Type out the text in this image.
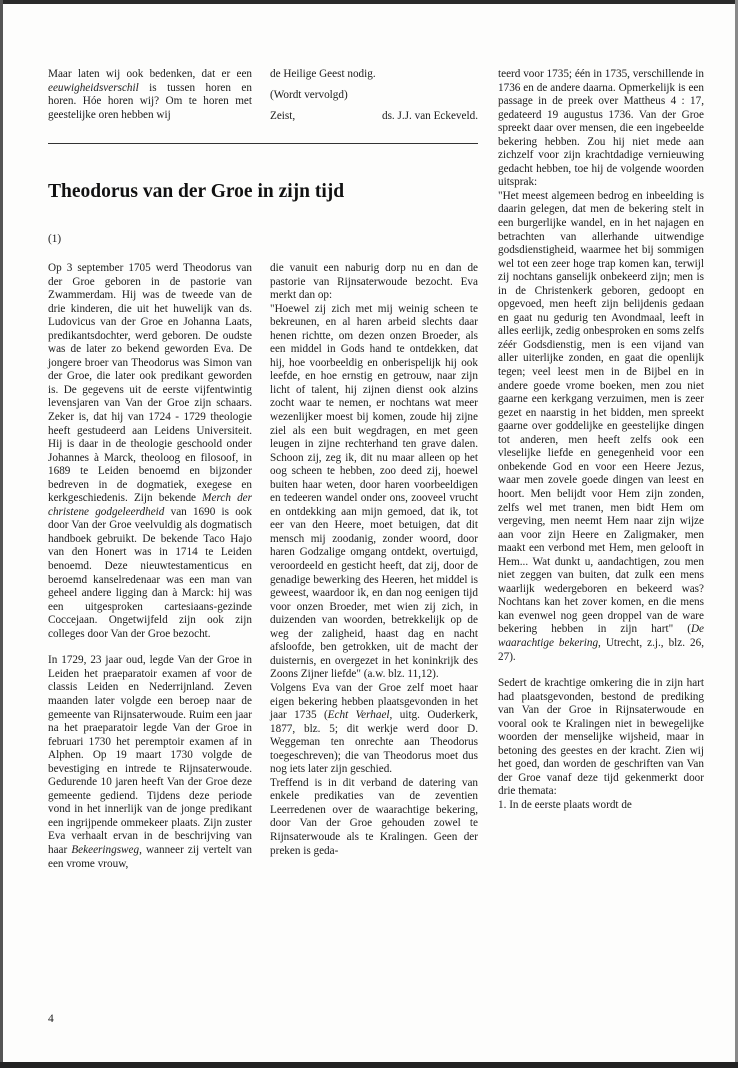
Maar laten wij ook bedenken, dat er een eeuwigheidsverschil is tussen horen en horen. Hóe horen wij? Om te horen met geestelijke oren hebben wij

de Heilige Geest nodig.

(Wordt vervolgd)

Zeist,	ds. J.J. van Eckeveld.
Theodorus van der Groe in zijn tijd
(1)

Op 3 september 1705 werd Theodorus van der Groe geboren in de pastorie van Zwammerdam. Hij was de tweede van de drie kinderen, die uit het huwelijk van ds. Ludovicus van der Groe en Johanna Laats, predikantsdochter, werd geboren. De oudste was de later zo bekend geworden Eva. De jongere broer van Theodorus was Simon van der Groe, die later ook predikant geworden is. De gegevens uit de eerste vijfentwintig levensjaren van Van der Groe zijn schaars. Zeker is, dat hij van 1724 - 1729 theologie heeft gestudeerd aan Leidens Universiteit. Hij is daar in de theologie geschoold onder Johannes à Marck, theoloog en filosoof, in 1689 te Leiden benoemd en bijzonder bedreven in de dogmatiek, exegese en kerkgeschiedenis. Zijn bekende Merch der christene godgeleerdheid van 1690 is ook door Van der Groe veelvuldig als dogmatisch handboek gebruikt. De bekende Taco Hajo van den Honert was in 1714 te Leiden benoemd. Deze nieuwtestamenticus en beroemd kanselredenaar was een man van geheel andere ligging dan à Marck: hij was een uitgesproken cartesiaans-gezinde Coccejaan. Ongetwijfeld zijn ook zijn colleges door Van der Groe bezocht.

In 1729, 23 jaar oud, legde Van der Groe in Leiden het praeparatoir examen af voor de classis Leiden en Nederrijnland. Zeven maanden later volgde een beroep naar de gemeente van Rijnsaterwoude. Ruim een jaar na het praeparatoir legde Van der Groe in februari 1730 het peremptoir examen af in Alphen. Op 19 maart 1730 volgde de bevestiging en intrede te Rijnsaterwoude. Gedurende 10 jaren heeft Van der Groe deze gemeente gediend. Tijdens deze periode vond in het innerlijk van de jonge predikant een ingrijpende ommekeer plaats. Zijn zuster Eva verhaalt ervan in de beschrijving van haar Bekeeringsweg, wanneer zij vertelt van een vrome vrouw,

die vanuit een naburig dorp nu en dan de pastorie van Rijnsaterwoude bezocht. Eva merkt dan op:

"Hoewel zij zich met mij weinig scheen te bekreunen, en al haren arbeid slechts daar henen richtte, om dezen onzen Broeder, als een middel in Gods hand te ontdekken, dat hij, hoe voorbeeldig en onberispelijk hij ook leefde, en hoe ernstig en getrouw, naar zijn licht of talent, hij zijnen dienst ook alzins zocht waar te nemen, er nochtans wat meer wezenlijker moest bij komen, zoude hij zijne ziel als een buit wegdragen, en met geen leugen in zijne rechterhand ten grave dalen. Schoon zij, zeg ik, dit nu maar alleen op het oog scheen te hebben, zoo deed zij, hoewel buiten haar weten, door haren voorbeeldigen en tedeeren wandel onder ons, zooveel vrucht en ontdekking aan mijn gemoed, dat ik, tot eer van den Heere, moet betuigen, dat dit mensch mij zoodanig, zonder woord, door haren Godzalige omgang ontdekt, overtuigd, veroordeeld en gesticht heeft, dat zij, door de genadige bewerking des Heeren, het middel is geweest, waardoor ik, en dan nog eenigen tijd voor onzen Broeder, met wien zij zich, in duizenden van woorden, betrekkelijk op de weg der zaligheid, haast dag en nacht afsloofde, ben getrokken, uit de macht der duisternis, en overgezet in het koninkrijk des Zoons Zijner liefde" (a.w. blz. 11,12).

Volgens Eva van der Groe zelf moet haar eigen bekering hebben plaatsgevonden in het jaar 1735 (Echt Verhael, uitg. Ouderkerk, 1877, blz. 5; dit werkje werd door D. Weggeman ten onrechte aan Theodorus toegeschreven); die van Theodorus moet dus nog iets later zijn geschied.

Treffend is in dit verband de datering van enkele predikaties van de zeventien Leerredenen over de waarachtige bekering, door Van der Groe gehouden zowel te Rijnsaterwoude als te Kralingen. Geen der preken is geda-

teerd voor 1735; één in 1735, verschillende in 1736 en de andere daarna. Opmerkelijk is een passage in de preek over Mattheus 4 : 17, gedateerd 19 augustus 1736. Van der Groe spreekt daar over mensen, die een ingebeelde bekering hebben. Zou hij niet mede aan zichzelf voor zijn krachtdadige vernieuwing gedacht hebben, toe hij de volgende woorden uitsprak:

"Het meest algemeen bedrog en inbeelding is daarin gelegen, dat men de bekering stelt in een burgerlijke wandel, en in het najagen en betrachten van allerhande uitwendige godsdienstigheid, waarmee het bij sommigen wel tot een zeer hoge trap komen kan, terwijl zij nochtans ganselijk onbekeerd zijn; men is in de Christenkerk geboren, gedoopt en opgevoed, men heeft zijn belijdenis gedaan en gaat nu gedurig ten Avondmaal, leeft in alles eerlijk, zedig onbesproken en soms zelfs zéér Godsdienstig, men is een vijand van aller uiterlijke zonden, en gaat die openlijk tegen; veel leest men in de Bijbel en in andere goede vrome boeken, men zou niet gaarne een kerkgang verzuimen, men is zeer gezet en naarstig in het bidden, men spreekt gaarne over goddelijke en geestelijke dingen tot anderen, men heeft zelfs ook een vleselijke liefde en genegenheid voor een onbekende God en voor een Heere Jezus, waar men zovele goede dingen van leest en hoort. Men belijdt voor Hem zijn zonden, zelfs wel met tranen, men bidt Hem om vergeving, men neemt Hem naar zijn wijze aan voor zijn Heere en Zaligmaker, men maakt een verbond met Hem, men gelooft in Hem... Wat dunkt u, aandachtigen, zou men niet zeggen van buiten, dat zulk een mens waarlijk wedergeboren en bekeerd was? Nochtans kan het zover komen, en die mens kan evenwel nog geen droppel van de ware bekering hebben in zijn hart" (De waarachtige bekering, Utrecht, z.j., blz. 26, 27).

Sedert de krachtige omkering die in zijn hart had plaatsgevonden, bestond de prediking van Van der Groe in Rijnsaterwoude en vooral ook te Kralingen niet in bewegelijke woorden der menselijke wijsheid, maar in betoning des geestes en der kracht. Zien wij het goed, dan worden de geschriften van Van der Groe vanaf deze tijd gekenmerkt door drie themata:

1. In de eerste plaats wordt de

4
